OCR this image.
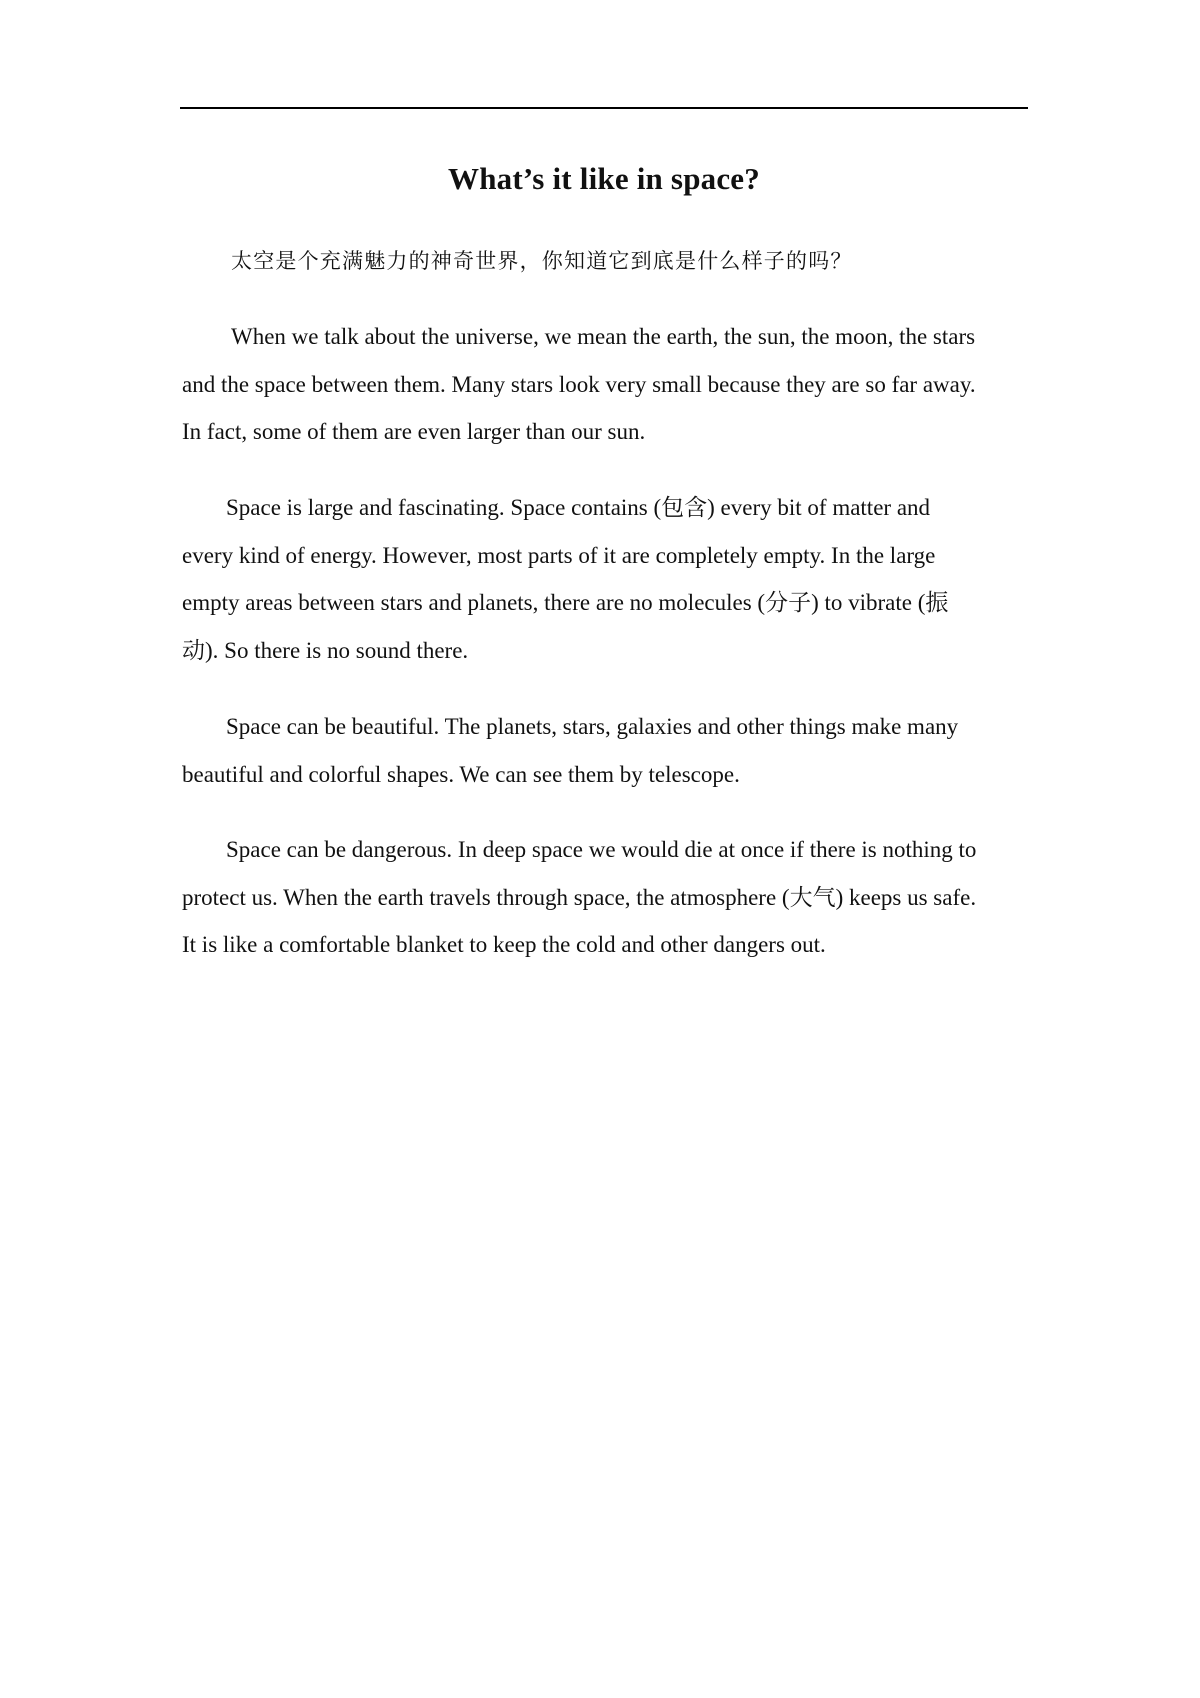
What’s it like in space?

太空是个充满魅力的神奇世界，你知道它到底是什么样子的吗？

When we talk about the universe, we mean the earth, the sun, the moon, the stars
and the space between them. Many stars look very small because they are so far away.
In fact, some of them are even larger than our sun.

Space is large and fascinating. Space contains (包含) every bit of matter and
every kind of energy. However, most parts of it are completely empty. In the large
empty areas between stars and planets, there are no molecules (分子) to vibrate (振
动). So there is no sound there.

Space can be beautiful. The planets, stars, galaxies and other things make many
beautiful and colorful shapes. We can see them by telescope.

Space can be dangerous. In deep space we would die at once if there is nothing to
protect us. When the earth travels through space, the atmosphere (大气) keeps us safe.
It is like a comfortable blanket to keep the cold and other dangers out.
